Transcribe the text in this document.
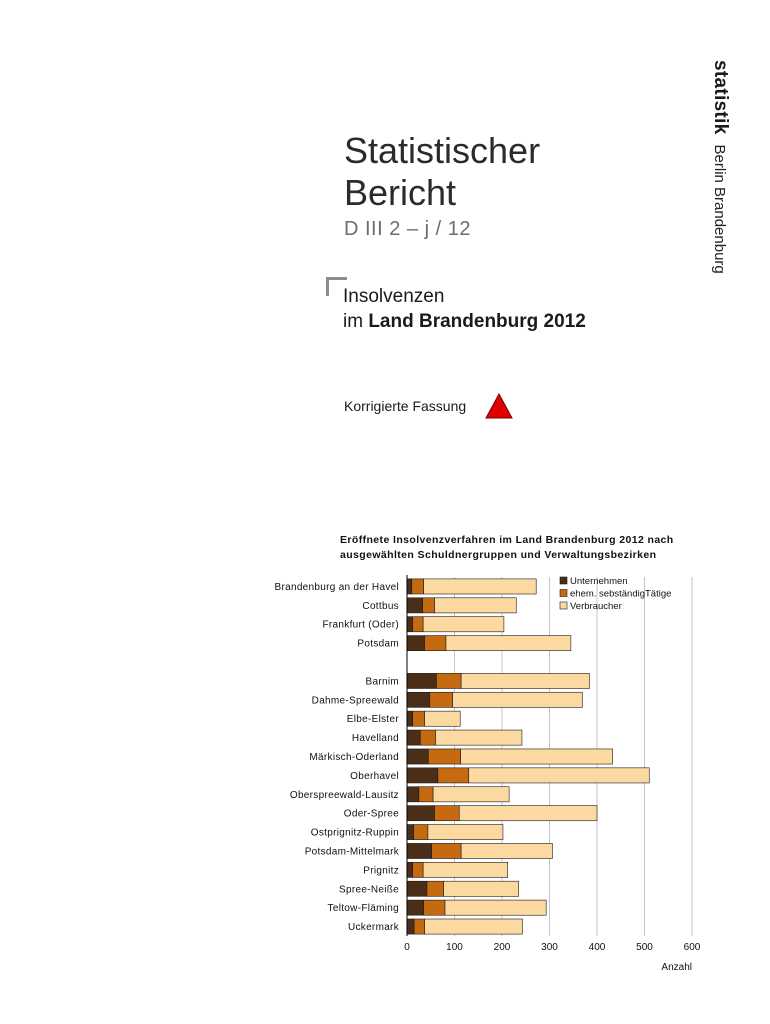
statistikBerlin Brandenburg
Statistischer
Bericht
D III 2 – j / 12
Insolvenzen
im Land Brandenburg 2012
Korrigierte Fassung
Eröffnete Insolvenzverfahren im Land Brandenburg 2012 nach
ausgewählten Schuldnergruppen und Verwaltungsbezirken
0	100	200	300	400	500	600
Brandenburg an der Havel
Cottbus
Frankfurt (Oder)
Potsdam
Barnim
Dahme-Spreewald
Elbe-Elster
Havelland
Märkisch-Oderland
Oberhavel
Oberspreewald-Lausitz
Oder-Spree
Ostprignitz-Ruppin
Potsdam-Mittelmark
Prignitz
Spree-Neiße
Teltow-Fläming
Uckermark
Anzahl
Unternehmen
ehem. sebständigTätige
Verbraucher
